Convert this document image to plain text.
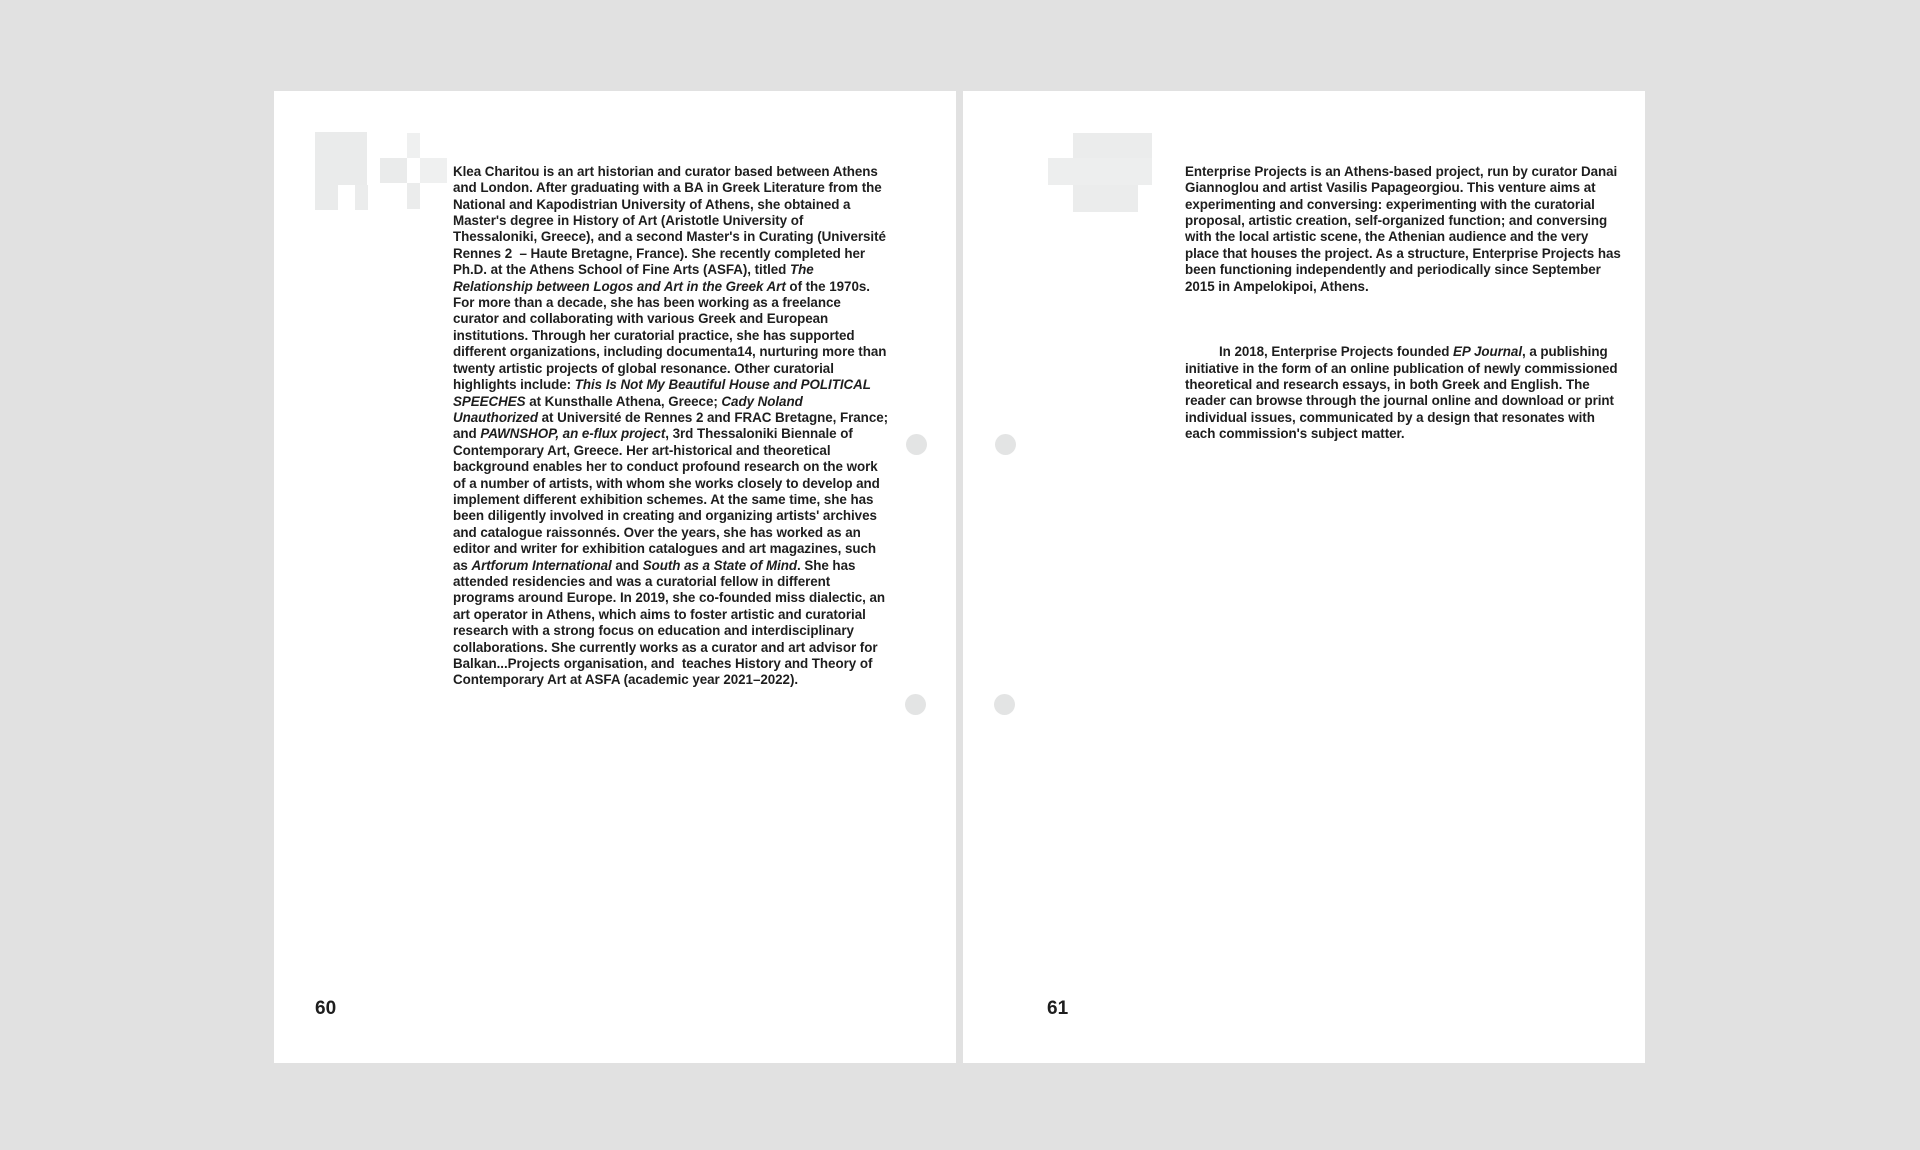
Klea Charitou is an art historian and curator based between Athens and London. After graduating with a BA in Greek Literature from the National and Kapodistrian University of Athens, she obtained a Master's degree in History of Art (Aristotle University of Thessaloniki, Greece), and a second Master's in Curating (Université Rennes 2  – Haute Bretagne, France). She recently completed her Ph.D. at the Athens School of Fine Arts (ASFA), titled The Relationship between Logos and Art in the Greek Art of the 1970s. For more than a decade, she has been working as a freelance curator and collaborating with various Greek and European institutions. Through her curatorial practice, she has supported different organizations, including documenta14, nurturing more than twenty artistic projects of global resonance. Other curatorial highlights include: This Is Not My Beautiful House and POLITICAL SPEECHES at Kunsthalle Athena, Greece; Cady Noland Unauthorized at Université de Rennes 2 and FRAC Bretagne, France; and PAWNSHOP, an e-flux project, 3rd Thessaloniki Biennale of Contemporary Art, Greece. Her art-historical and theoretical background enables her to conduct profound research on the work of a number of artists, with whom she works closely to develop and implement different exhibition schemes. At the same time, she has been diligently involved in creating and organizing artists' archives and catalogue raissonnés. Over the years, she has worked as an editor and writer for exhibition catalogues and art magazines, such as Artforum International and South as a State of Mind. She has attended residencies and was a curatorial fellow in different programs around Europe. In 2019, she co-founded miss dialectic, an art operator in Athens, which aims to foster artistic and curatorial research with a strong focus on education and interdisciplinary collaborations. She currently works as a curator and art advisor for Balkan...Projects organisation, and  teaches History and Theory of Contemporary Art at ASFA (academic year 2021–2022).

60

Enterprise Projects is an Athens-based project, run by curator Danai Giannoglou and artist Vasilis Papageorgiou. This venture aims at experimenting and conversing: experimenting with the curatorial proposal, artistic creation, self-organized function; and conversing with the local artistic scene, the Athenian audience and the very place that houses the project. As a structure, Enterprise Projects has been functioning independently and periodically since September 2015 in Ampelokipoi, Athens.

In 2018, Enterprise Projects founded EP Journal, a publishing initiative in the form of an online publication of newly commissioned theoretical and research essays, in both Greek and English. The reader can browse through the journal online and download or print individual issues, communicated by a design that resonates with each commission's subject matter.

61
